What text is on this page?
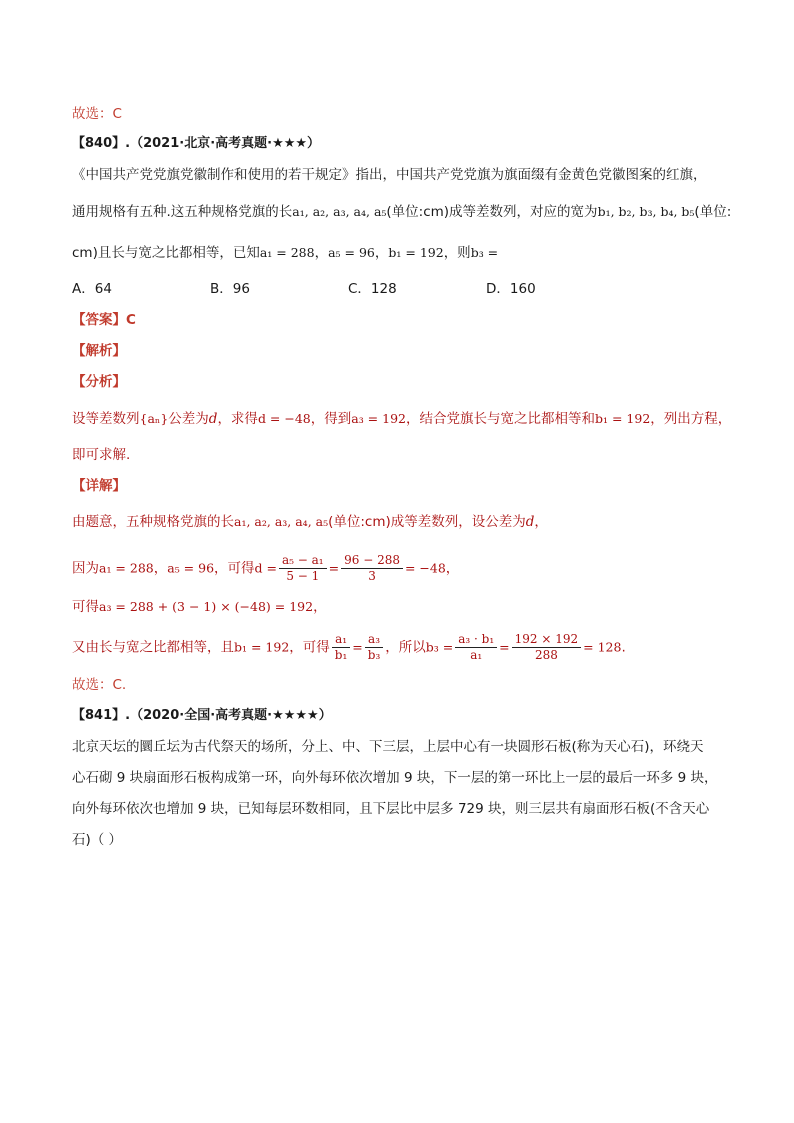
故选：C
【840】.（2021·北京·高考真题·★★★）
《中国共产党党旗党徽制作和使用的若干规定》指出，中国共产党党旗为旗面缀有金黄色党徽图案的红旗，
通用规格有五种.这五种规格党旗的长a₁, a₂, a₃, a₄, a₅(单位:cm)成等差数列，对应的宽为b₁, b₂, b₃, b₄, b₅(单位:
cm)且长与宽之比都相等，已知a₁ = 288，a₅ = 96，b₁ = 192，则b₃ =
A．64	B．96	C．128	D．160
【答案】C
【解析】
【分析】
设等差数列{aₙ}公差为d，求得d = −48，得到a₃ = 192，结合党旗长与宽之比都相等和b₁ = 192，列出方程，
即可求解.
【详解】
由题意，五种规格党旗的长a₁, a₂, a₃, a₄, a₅(单位:cm)成等差数列，设公差为d，
因为a₁ = 288，a₅ = 96，可得$d = \frac{\text{a₅ − a₁}}{5 - 1} = \frac{96 - 288}{3} = -48$，
可得a₃ = 288 + (3 − 1) × (−48) = 192，
又由长与宽之比都相等，且b₁ = 192，可得 $\frac{\text{a₁}}{\text{b₁}} = \frac{\text{a₃}}{\text{b₃}}$ ，所以$b_3 = \frac{\text{a₃ · b₁}}{\text{a₁}} = \frac{192 \times 192}{288} = 128$.
故选：C.
【841】.（2020·全国·高考真题·★★★★）
北京天坛的圜丘坛为古代祭天的场所，分上、中、下三层，上层中心有一块圆形石板(称为天心石)，环绕天
心石砌 9 块扇面形石板构成第一环，向外每环依次增加 9 块，下一层的第一环比上一层的最后一环多 9 块，
向外每环依次也增加 9 块，已知每层环数相同，且下层比中层多 729 块，则三层共有扇面形石板(不含天心
石)（ ）
